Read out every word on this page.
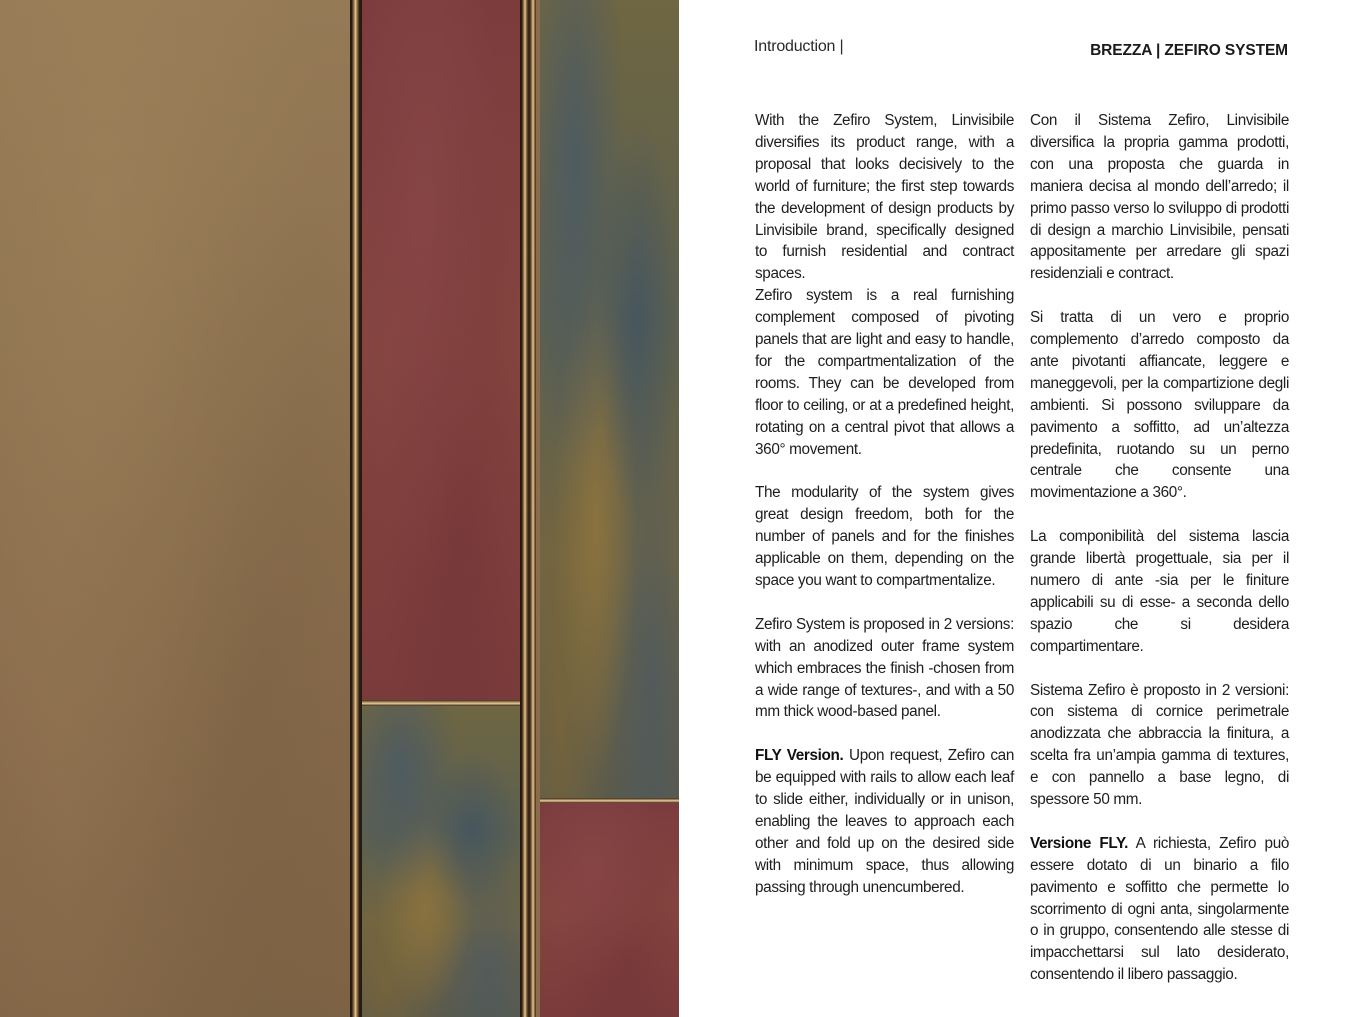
Introduction |	BREZZA | ZEFIRO SYSTEM

With the Zefiro System, Linvisibile diversifies its product range, with a proposal that looks decisively to the world of furniture; the first step towards the development of design products by Linvisibile brand, specifically designed to furnish residential and contract spaces.

Zefiro system is a real furnishing complement composed of pivoting panels that are light and easy to handle, for the compartmentalization of the rooms. They can be developed from floor to ceiling, or at a predefined height, rotating on a central pivot that allows a 360° movement.

The modularity of the system gives great design freedom, both for the number of panels and for the finishes applicable on them, depending on the space you want to compartmentalize.

Zefiro System is proposed in 2 versions: with an anodized outer frame system which embraces the finish -chosen from a wide range of textures-, and with a 50 mm thick wood-based panel.

FLY Version. Upon request, Zefiro can be equipped with rails to allow each leaf to slide either, individually or in unison, enabling the leaves to approach each other and fold up on the desired side with minimum space, thus allowing passing through unencumbered.

Con il Sistema Zefiro, Linvisibile diversifica la propria gamma prodotti, con una proposta che guarda in maniera decisa al mondo dell’arredo; il primo passo verso lo sviluppo di prodotti di design a marchio Linvisibile, pensati appositamente per arredare gli spazi residenziali e contract.

Si tratta di un vero e proprio complemento d’arredo composto da ante pivotanti affiancate, leggere e maneggevoli, per la compartizione degli ambienti. Si possono sviluppare da pavimento a soffitto, ad un’altezza predefinita, ruotando su un perno centrale che consente una movimentazione a 360°.

La componibilità del sistema lascia grande libertà progettuale, sia per il numero di ante -sia per le finiture applicabili su di esse- a seconda dello spazio che si desidera compartimentare.

Sistema Zefiro è proposto in 2 versioni: con sistema di cornice perimetrale anodizzata che abbraccia la finitura, a scelta fra un’ampia gamma di textures, e con pannello a base legno, di spessore 50 mm.

Versione FLY. A richiesta, Zefiro può essere dotato di un binario a filo pavimento e soffitto che permette lo scorrimento di ogni anta, singolarmente o in gruppo, consentendo alle stesse di impacchettarsi sul lato desiderato, consentendo il libero passaggio.
